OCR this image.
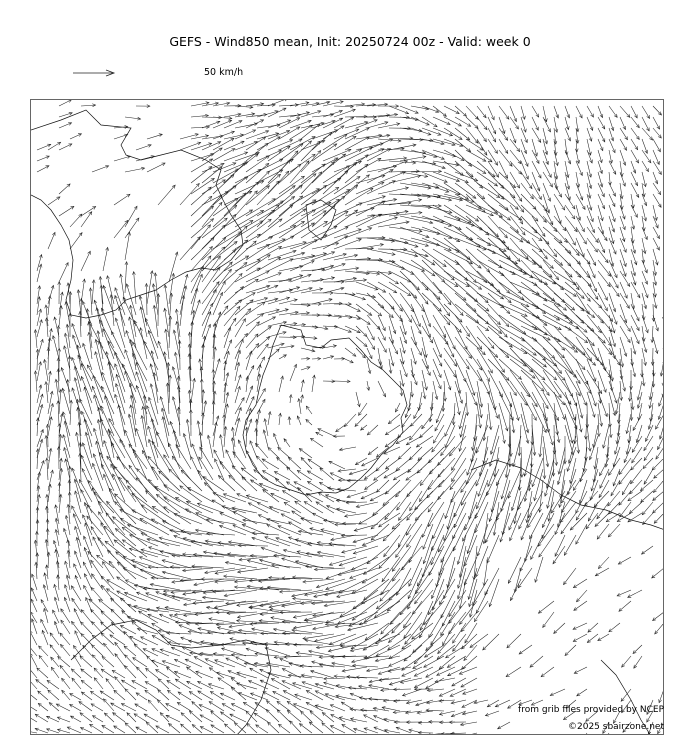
GEFS - Wind850 mean, Init: 20250724 00z - Valid: week 0
50 km/h
from grib files provided by NCEP
©2025 sbairzone.net
